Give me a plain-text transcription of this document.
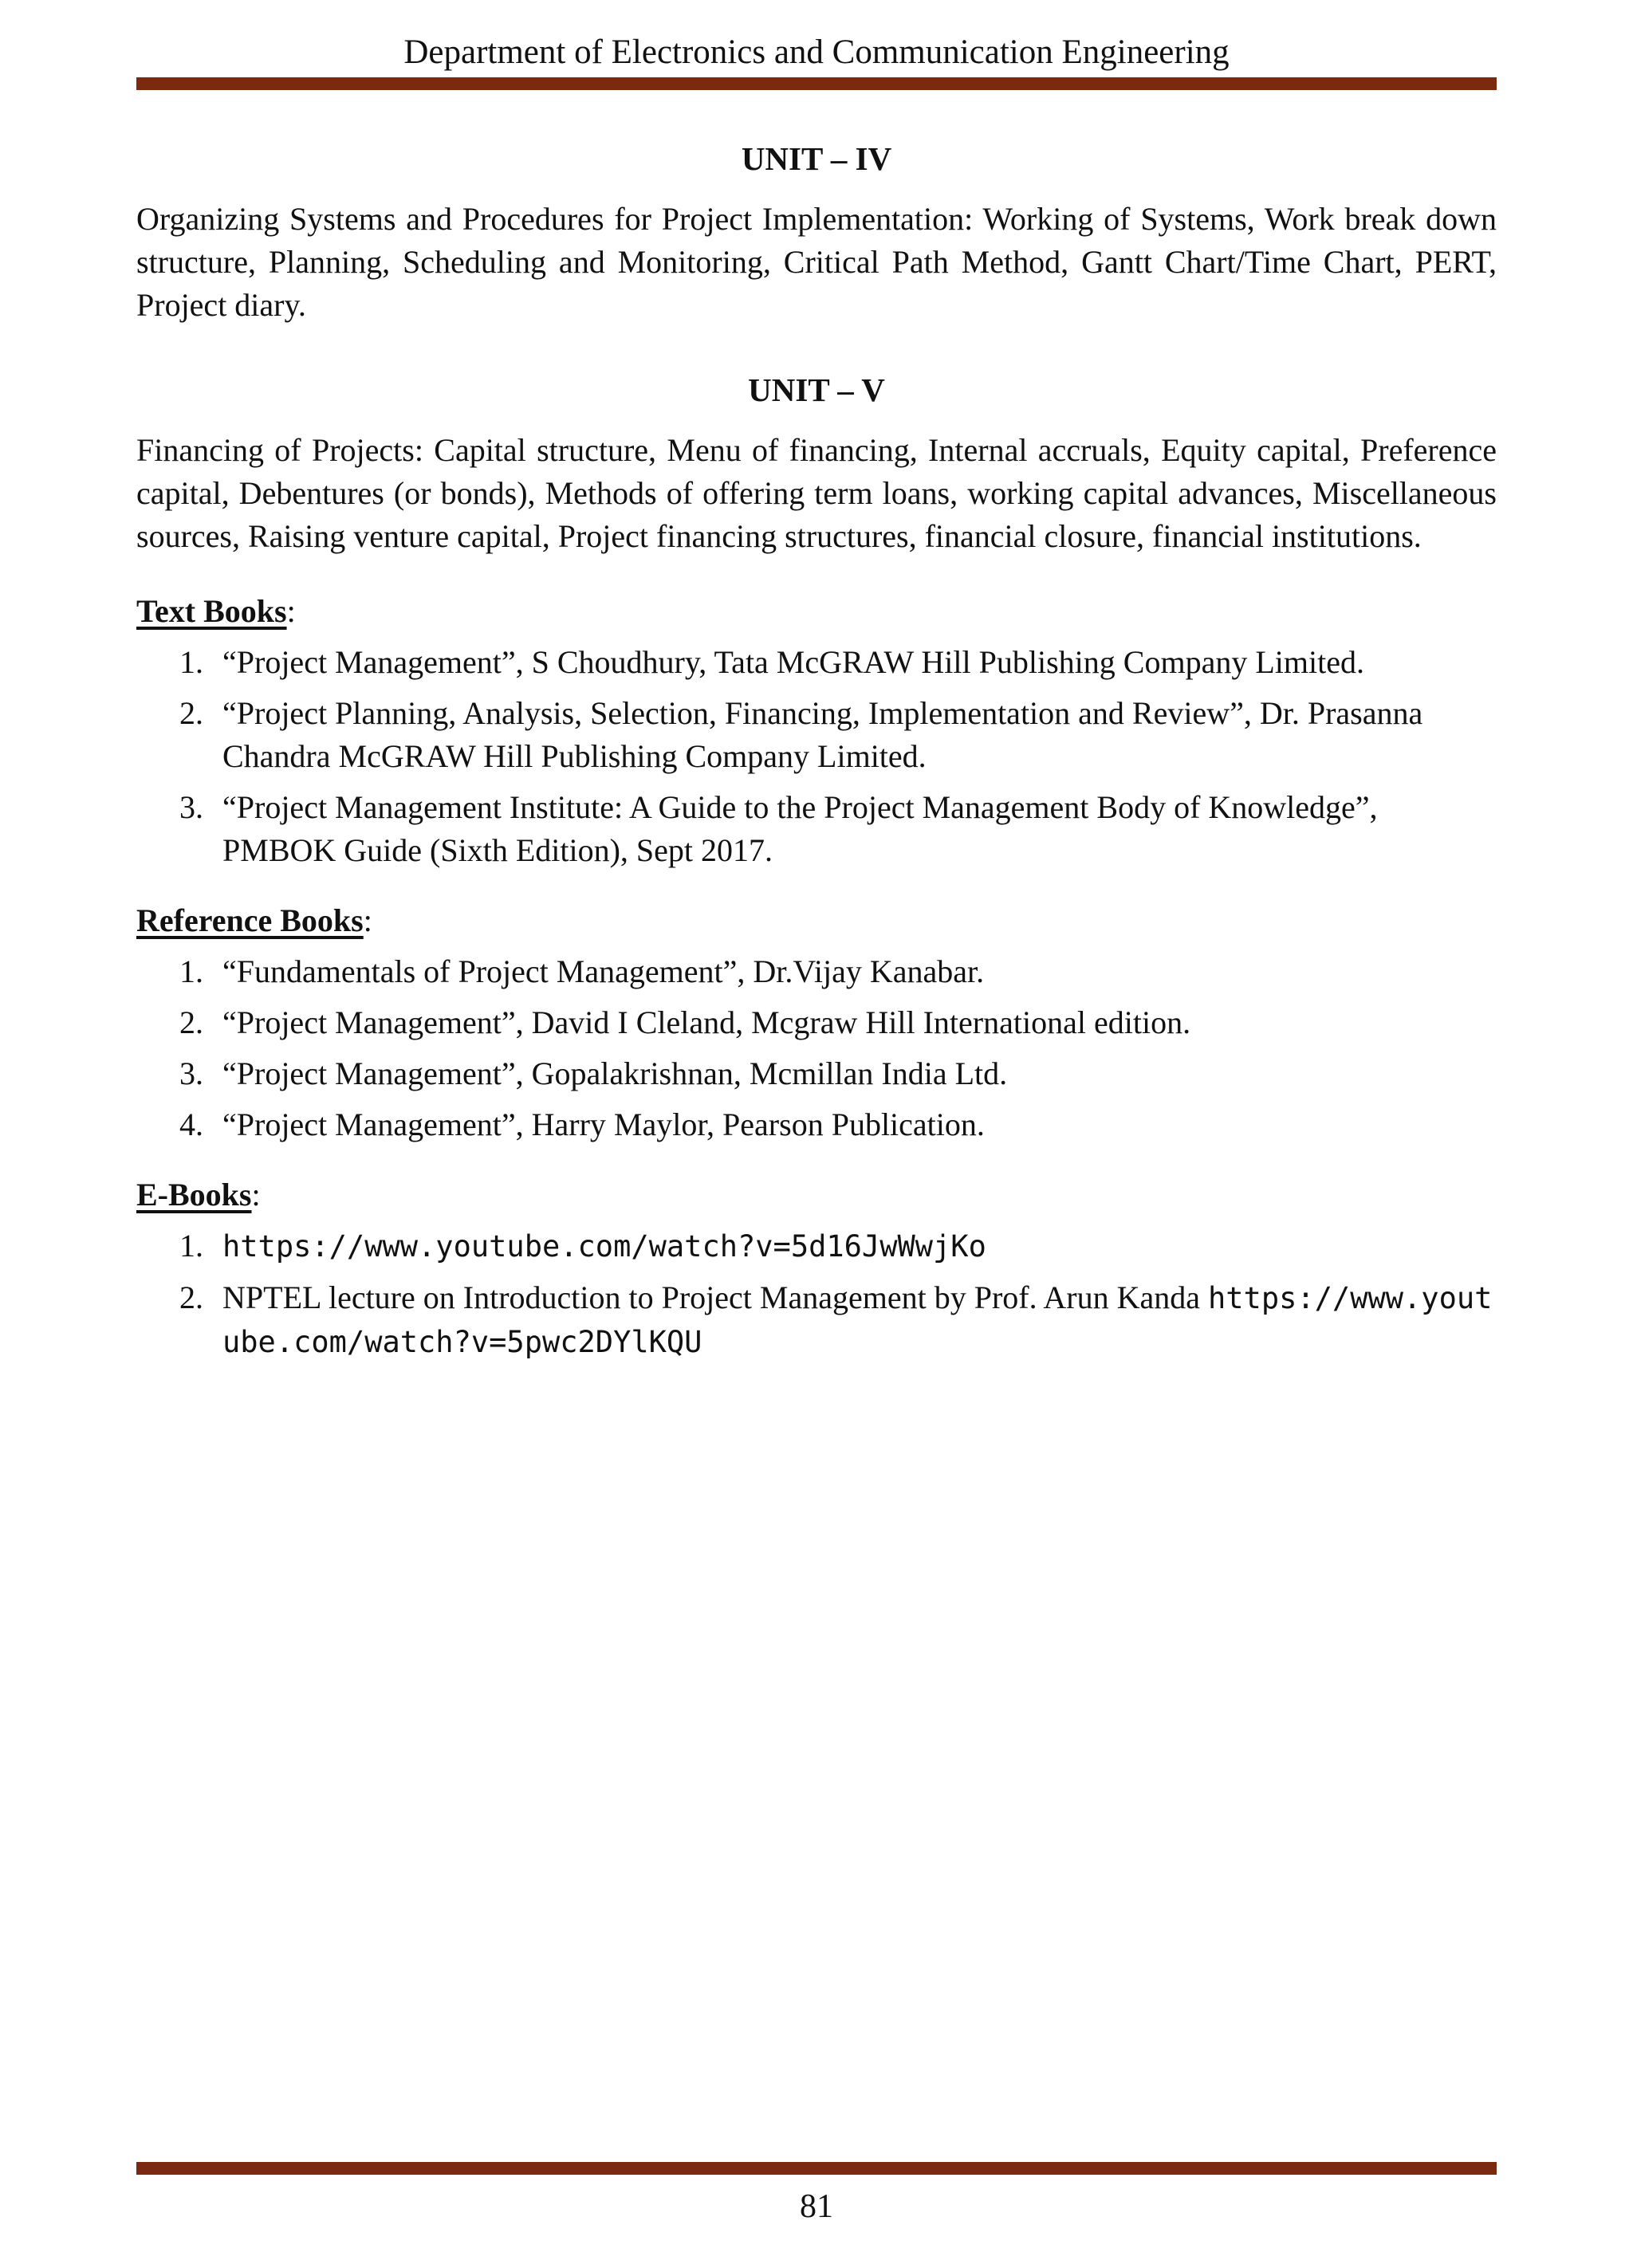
Department of Electronics and Communication Engineering
UNIT – IV
Organizing Systems and Procedures for Project Implementation: Working of Systems, Work break down structure, Planning, Scheduling and Monitoring, Critical Path Method, Gantt Chart/Time Chart, PERT, Project diary.
UNIT – V
Financing of Projects: Capital structure, Menu of financing, Internal accruals, Equity capital, Preference capital, Debentures (or bonds), Methods of offering term loans, working capital advances, Miscellaneous sources, Raising venture capital, Project financing structures, financial closure, financial institutions.
Text Books:
1. “Project Management”, S Choudhury, Tata McGRAW Hill Publishing Company Limited.
2. “Project Planning, Analysis, Selection, Financing, Implementation and Review”, Dr. Prasanna Chandra McGRAW Hill Publishing Company Limited.
3. “Project Management Institute: A Guide to the Project Management Body of Knowledge”, PMBOK Guide (Sixth Edition), Sept 2017.
Reference Books:
1. “Fundamentals of Project Management”, Dr.Vijay Kanabar.
2. “Project Management”, David I Cleland, Mcgraw Hill International edition.
3. “Project Management”, Gopalakrishnan, Mcmillan India Ltd.
4. “Project Management”, Harry Maylor, Pearson Publication.
E-Books:
1. https://www.youtube.com/watch?v=5d16JwWwjKo
2. NPTEL lecture on Introduction to Project Management by Prof. Arun Kanda https://www.youtube.com/watch?v=5pwc2DYlKQU
81
